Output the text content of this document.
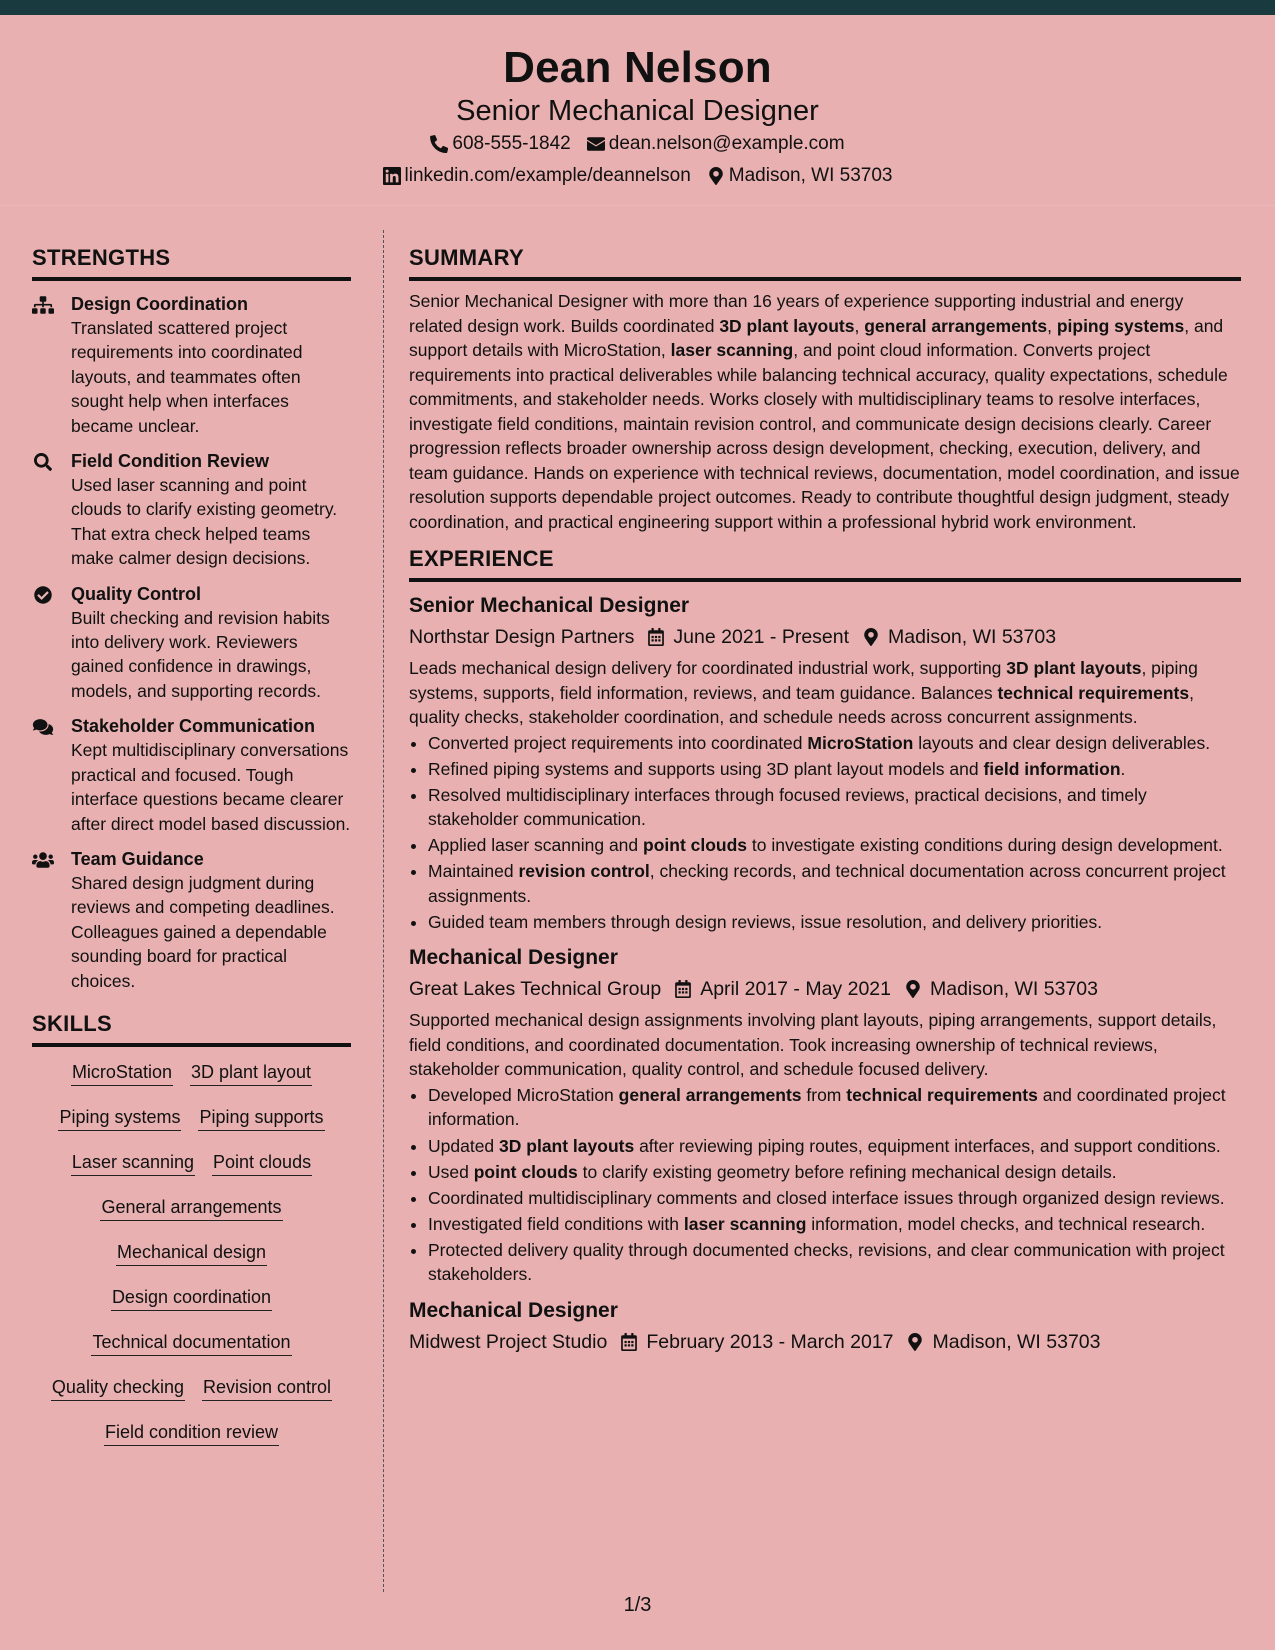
Dean Nelson
Senior Mechanical Designer
608-555-1842 dean.nelson@example.com
linkedin.com/example/deannelson Madison, WI 53703
STRENGTHS
Design Coordination
Translated scattered project requirements into coordinated layouts, and teammates often sought help when interfaces became unclear.
Field Condition Review
Used laser scanning and point clouds to clarify existing geometry. That extra check helped teams make calmer design decisions.
Quality Control
Built checking and revision habits into delivery work. Reviewers gained confidence in drawings, models, and supporting records.
Stakeholder Communication
Kept multidisciplinary conversations practical and focused. Tough interface questions became clearer after direct model based discussion.
Team Guidance
Shared design judgment during reviews and competing deadlines. Colleagues gained a dependable sounding board for practical choices.
SKILLS
MicroStation 3D plant layout
Piping systems Piping supports
Laser scanning Point clouds
General arrangements
Mechanical design
Design coordination
Technical documentation
Quality checking Revision control
Field condition review
SUMMARY
Senior Mechanical Designer with more than 16 years of experience supporting industrial and energy related design work. Builds coordinated 3D plant layouts, general arrangements, piping systems, and support details with MicroStation, laser scanning, and point cloud information. Converts project requirements into practical deliverables while balancing technical accuracy, quality expectations, schedule commitments, and stakeholder needs. Works closely with multidisciplinary teams to resolve interfaces, investigate field conditions, maintain revision control, and communicate design decisions clearly. Career progression reflects broader ownership across design development, checking, execution, delivery, and team guidance. Hands on experience with technical reviews, documentation, model coordination, and issue resolution supports dependable project outcomes. Ready to contribute thoughtful design judgment, steady coordination, and practical engineering support within a professional hybrid work environment.
EXPERIENCE
Senior Mechanical Designer
Northstar Design Partners June 2021 - Present Madison, WI 53703
Leads mechanical design delivery for coordinated industrial work, supporting 3D plant layouts, piping systems, supports, field information, reviews, and team guidance. Balances technical requirements, quality checks, stakeholder coordination, and schedule needs across concurrent assignments.
• Converted project requirements into coordinated MicroStation layouts and clear design deliverables.
• Refined piping systems and supports using 3D plant layout models and field information.
• Resolved multidisciplinary interfaces through focused reviews, practical decisions, and timely stakeholder communication.
• Applied laser scanning and point clouds to investigate existing conditions during design development.
• Maintained revision control, checking records, and technical documentation across concurrent project assignments.
• Guided team members through design reviews, issue resolution, and delivery priorities.
Mechanical Designer
Great Lakes Technical Group April 2017 - May 2021 Madison, WI 53703
Supported mechanical design assignments involving plant layouts, piping arrangements, support details, field conditions, and coordinated documentation. Took increasing ownership of technical reviews, stakeholder communication, quality control, and schedule focused delivery.
• Developed MicroStation general arrangements from technical requirements and coordinated project information.
• Updated 3D plant layouts after reviewing piping routes, equipment interfaces, and support conditions.
• Used point clouds to clarify existing geometry before refining mechanical design details.
• Coordinated multidisciplinary comments and closed interface issues through organized design reviews.
• Investigated field conditions with laser scanning information, model checks, and technical research.
• Protected delivery quality through documented checks, revisions, and clear communication with project stakeholders.
Mechanical Designer
Midwest Project Studio February 2013 - March 2017 Madison, WI 53703
1/3
